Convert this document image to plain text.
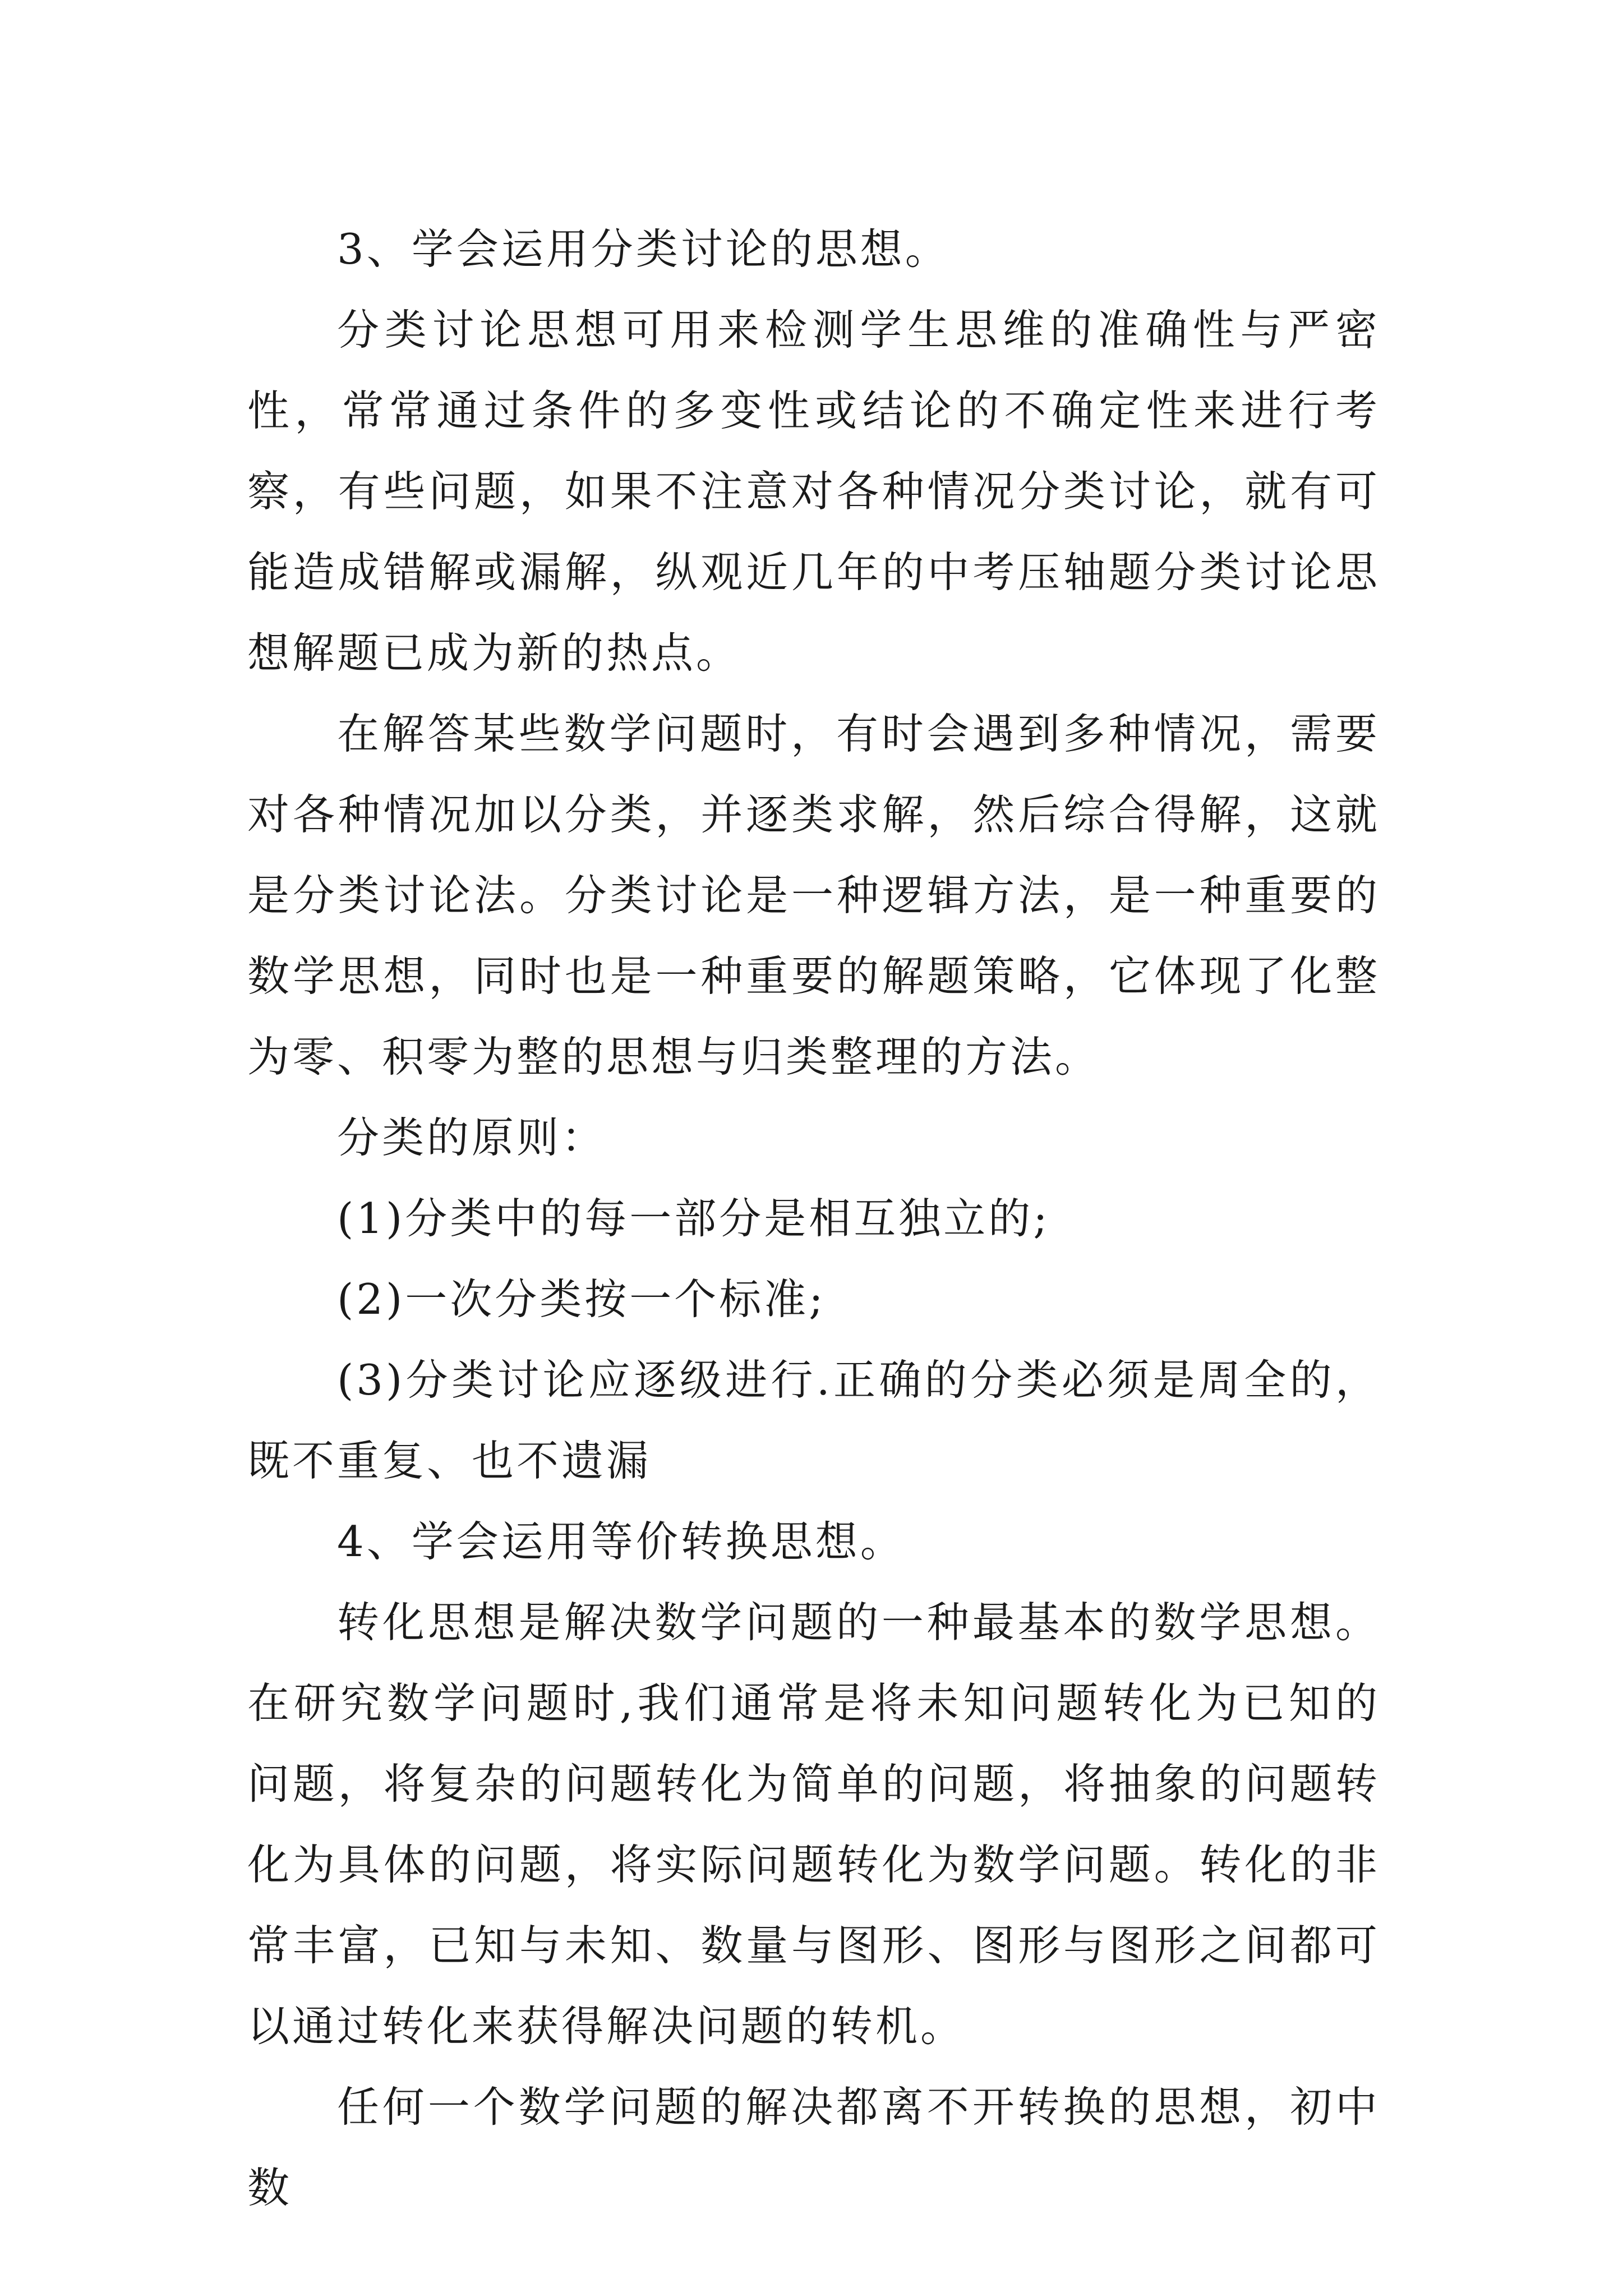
3、学会运用分类讨论的思想。

分类讨论思想可用来检测学生思维的准确性与严密性，常常通过条件的多变性或结论的不确定性来进行考察，有些问题，如果不注意对各种情况分类讨论，就有可能造成错解或漏解，纵观近几年的中考压轴题分类讨论思想解题已成为新的热点。

在解答某些数学问题时，有时会遇到多种情况，需要对各种情况加以分类，并逐类求解，然后综合得解，这就是分类讨论法。分类讨论是一种逻辑方法，是一种重要的数学思想，同时也是一种重要的解题策略，它体现了化整为零、积零为整的思想与归类整理的方法。

分类的原则：

(1)分类中的每一部分是相互独立的;

(2)一次分类按一个标准;

(3)分类讨论应逐级进行.正确的分类必须是周全的，既不重复、也不遗漏

4、学会运用等价转换思想。

转化思想是解决数学问题的一种最基本的数学思想。在研究数学问题时,我们通常是将未知问题转化为已知的问题，将复杂的问题转化为简单的问题，将抽象的问题转化为具体的问题，将实际问题转化为数学问题。转化的非常丰富，已知与未知、数量与图形、图形与图形之间都可以通过转化来获得解决问题的转机。

任何一个数学问题的解决都离不开转换的思想，初中数
